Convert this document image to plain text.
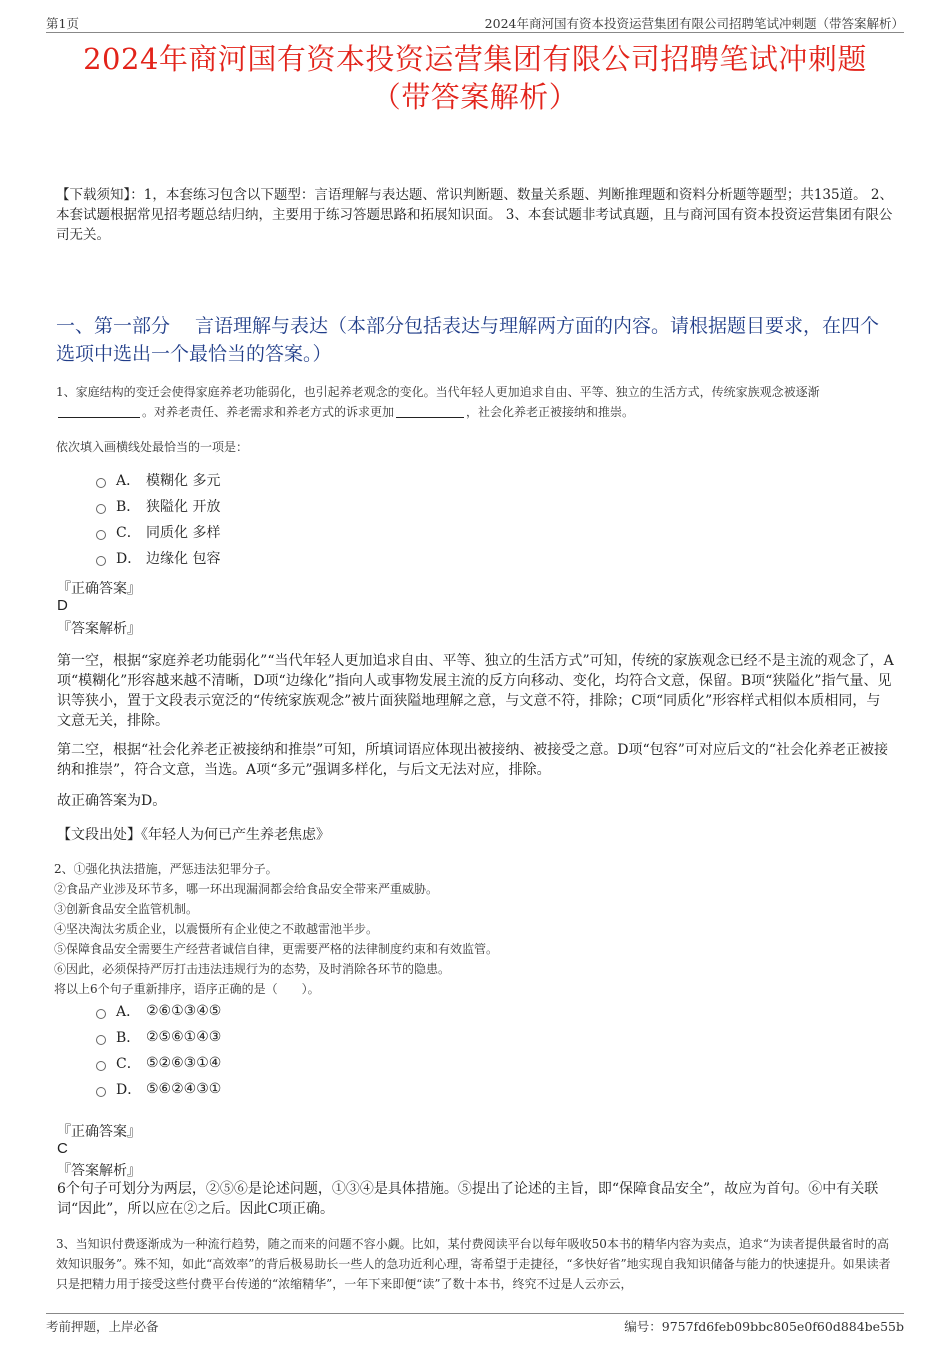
第1页	2024年商河国有资本投资运营集团有限公司招聘笔试冲刺题（带答案解析）
2024年商河国有资本投资运营集团有限公司招聘笔试冲刺题
（带答案解析）
【下载须知】：1，本套练习包含以下题型：言语理解与表达题、常识判断题、数量关系题、判断推理题和资料分析题等题型；共135道。 2、本套试题根据常见招考题总结归纳，主要用于练习答题思路和拓展知识面。 3、本套试题非考试真题，且与商河国有资本投资运营集团有限公司无关。
一、第一部分　 言语理解与表达（本部分包括表达与理解两方面的内容。请根据题目要求，在四个选项中选出一个最恰当的答案。）
1、家庭结构的变迁会使得家庭养老功能弱化，也引起养老观念的变化。当代年轻人更加追求自由、平等、独立的生活方式，传统家族观念被逐渐。对养老责任、养老需求和养老方式的诉求更加	，社会化养老正被接纳和推崇。
依次填入画横线处最恰当的一项是：
A． 模糊化 多元
B． 狭隘化 开放
C． 同质化 多样
D． 边缘化 包容
『正确答案』
D
『答案解析』
第一空，根据“家庭养老功能弱化”“当代年轻人更加追求自由、平等、独立的生活方式”可知，传统的家族观念已经不是主流的观念了，A项“模糊化”形容越来越不清晰，D项“边缘化”指向人或事物发展主流的反方向移动、变化，均符合文意，保留。B项“狭隘化”指气量、见识等狭小，置于文段表示宽泛的“传统家族观念”被片面狭隘地理解之意，与文意不符，排除；C项“同质化”形容样式相似本质相同，与文意无关，排除。
第二空，根据“社会化养老正被接纳和推崇”可知，所填词语应体现出被接纳、被接受之意。D项“包容”可对应后文的“社会化养老正被接纳和推崇”，符合文意，当选。A项“多元”强调多样化，与后文无法对应，排除。
故正确答案为D。
【文段出处】《年轻人为何已产生养老焦虑》
2、①强化执法措施，严惩违法犯罪分子。
②食品产业涉及环节多，哪一环出现漏洞都会给食品安全带来严重威胁。
③创新食品安全监管机制。
④坚决淘汰劣质企业，以震慑所有企业使之不敢越雷池半步。
⑤保障食品安全需要生产经营者诚信自律，更需要严格的法律制度约束和有效监管。
⑥因此，必须保持严厉打击违法违规行为的态势，及时消除各环节的隐患。
将以上6个句子重新排序，语序正确的是（　　）。
A． ②⑥①③④⑤
B． ②⑤⑥①④③
C． ⑤②⑥③①④
D． ⑤⑥②④③①
『正确答案』
C
『答案解析』
6个句子可划分为两层，②⑤⑥是论述问题，①③④是具体措施。⑤提出了论述的主旨，即“保障食品安全”，故应为首句。⑥中有关联词“因此”，所以应在②之后。因此C项正确。
3、当知识付费逐渐成为一种流行趋势，随之而来的问题不容小觑。比如，某付费阅读平台以每年吸收50本书的精华内容为卖点，追求“为读者提供最省时的高效知识服务”。殊不知，如此“高效率”的背后极易助长一些人的急功近利心理，寄希望于走捷径，“多快好省”地实现自我知识储备与能力的快速提升。如果读者只是把精力用于接受这些付费平台传递的“浓缩精华”，一年下来即便“读”了数十本书，终究不过是人云亦云，
考前押题，上岸必备	编号：9757fd6feb09bbc805e0f60d884be55b
